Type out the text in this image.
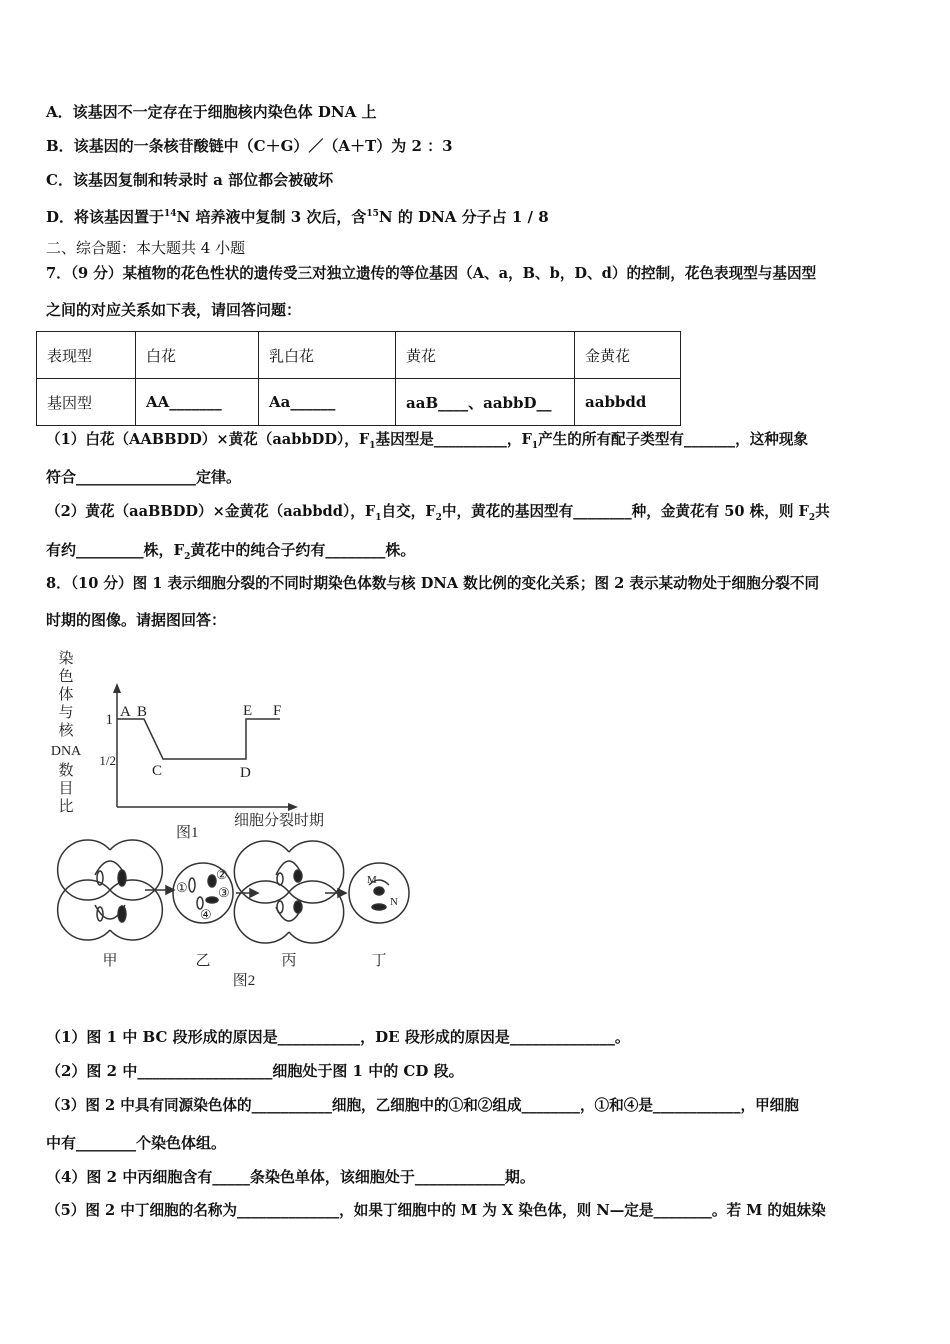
A．该基因不一定存在于细胞核内染色体 DNA 上
B．该基因的一条核苷酸链中（C＋G）／（A＋T）为 2 ：3
C．该基因复制和转录时 a 部位都会被破坏
D．将该基因置于$^{14}$N 培养液中复制 3 次后，含$^{15}$N 的 DNA 分子占 1 / 8
二、综合题：本大题共 4 小题
7．（9 分）某植物的花色性状的遗传受三对独立遗传的等位基因（A、a，B、b，D、d）的控制，花色表现型与基因型
之间的对应关系如下表，请回答问题：
表现型	白花	乳白花	黄花	金黄花
基因型	AA_______	Aa______	aaB____、aabbD__	aabbdd
（1）白花（AABBDD）×黄花（aabbDD），$F_1$基因型是__________，$F_1$产生的所有配子类型有_______，这种现象
符合________________定律。
（2）黄花（aaBBDD）×金黄花（aabbdd），$F_1$自交，$F_2$中，黄花的基因型有________种，金黄花有 50 株，则 $F_2$共
有约_________株，$F_2$黄花中的纯合子约有________株。
8．（10 分）图 1 表示细胞分裂的不同时期染色体数与核 DNA 数比例的变化关系；图 2 表示某动物处于细胞分裂不同
时期的图像。请据图回答：
染
色
体
与
核
DNA
数
目
比
1
1/2
A B
C	D
E F
细胞分裂时期
图1
①
②
③
④
M
N
甲	乙	丙	丁
图2
（1）图 1 中 BC 段形成的原因是___________，DE 段形成的原因是______________。
（2）图 2 中__________________细胞处于图 1 中的 CD 段。
（3）图 2 中具有同源染色体的___________细胞，乙细胞中的①和②组成________，①和④是____________，甲细胞
中有________个染色体组。
（4）图 2 中丙细胞含有_____条染色单体，该细胞处于____________期。
（5）图 2 中丁细胞的名称为______________，如果丁细胞中的 M 为 X 染色体，则 N—定是________。若 M 的姐妹染
